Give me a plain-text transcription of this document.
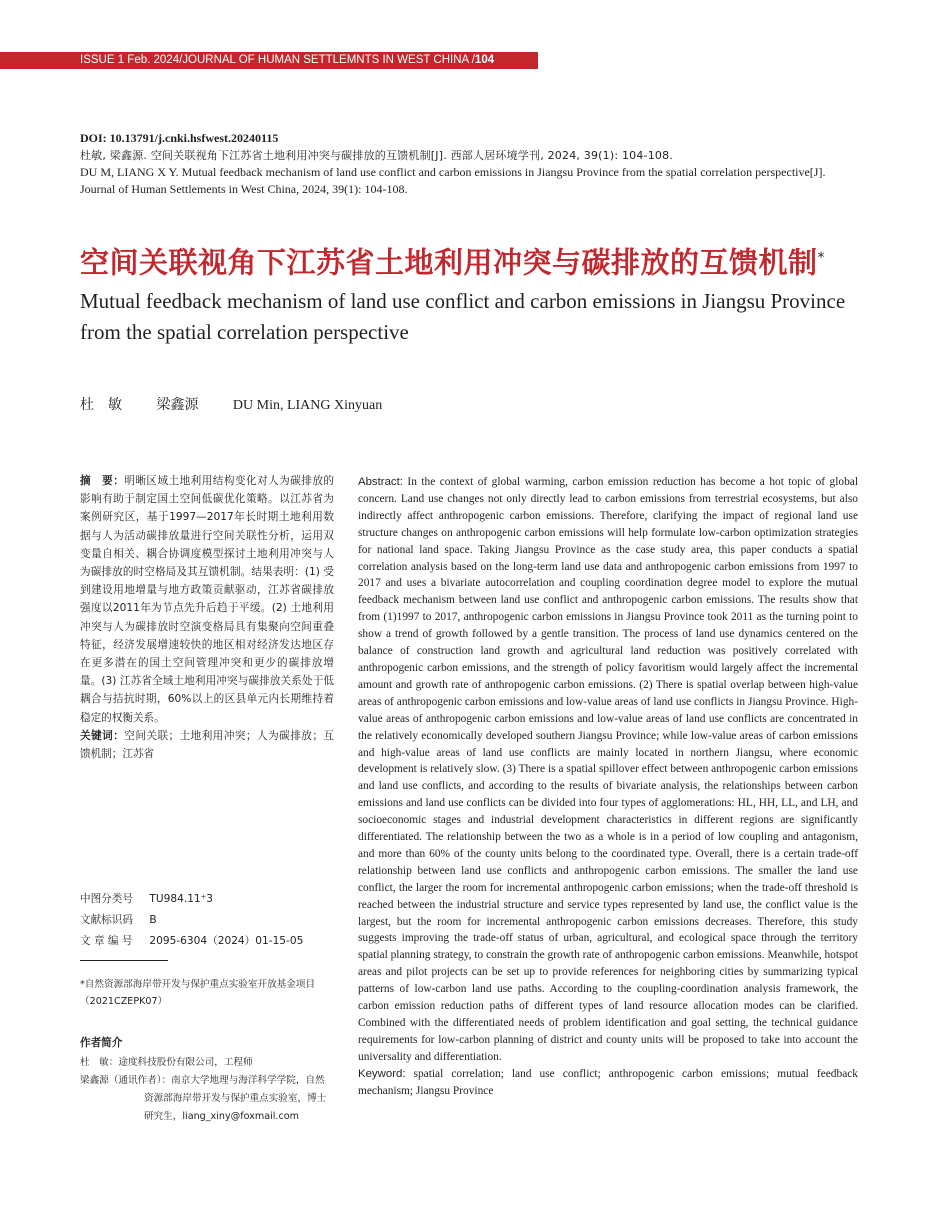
ISSUE 1 Feb. 2024/JOURNAL OF HUMAN SETTLEMNTS IN WEST CHINA /104
DOI: 10.13791/j.cnki.hsfwest.20240115
杜敏, 梁鑫源. 空间关联视角下江苏省土地利用冲突与碳排放的互馈机制[J]. 西部人居环境学刊, 2024, 39(1): 104-108.
DU M, LIANG X Y. Mutual feedback mechanism of land use conflict and carbon emissions in Jiangsu Province from the spatial correlation perspective[J]. Journal of Human Settlements in West China, 2024, 39(1): 104-108.
空间关联视角下江苏省土地利用冲突与碳排放的互馈机制*
Mutual feedback mechanism of land use conflict and carbon emissions in Jiangsu Province from the spatial correlation perspective
杜　敏 梁鑫源 DU Min, LIANG Xinyuan
摘　要：明晰区域土地利用结构变化对人为碳排放的影响有助于制定国土空间低碳优化策略。以江苏省为案例研究区，基于1997—2017年长时期土地利用数据与人为活动碳排放量进行空间关联性分析，运用双变量自相关、耦合协调度模型探讨土地利用冲突与人为碳排放的时空格局及其互馈机制。结果表明：(1) 受到建设用地增量与地方政策贡献驱动，江苏省碳排放强度以2011年为节点先升后趋于平缓。(2) 土地利用冲突与人为碳排放时空演变格局具有集聚向空间重叠特征，经济发展增速较快的地区相对经济发达地区存在更多潜在的国土空间管理冲突和更少的碳排放增量。(3) 江苏省全域土地利用冲突与碳排放关系处于低耦合与拮抗时期，60%以上的区县单元内长期维持着稳定的权衡关系。
关键词：空间关联；土地利用冲突；人为碳排放；互馈机制；江苏省
中图分类号 TU984.11⁺3
文献标识码 B
文 章 编 号 2095-6304（2024）01-15-05
*自然资源部海岸带开发与保护重点实验室开放基金项目（2021CZEPK07）
作者简介
杜　敏：途度科技股份有限公司，工程师
梁鑫源（通讯作者）：南京大学地理与海洋科学学院，自然资源部海岸带开发与保护重点实验室，博士研究生，liang_xiny@foxmail.com
Abstract: In the context of global warming, carbon emission reduction has become a hot topic of global concern. Land use changes not only directly lead to carbon emissions from terrestrial ecosystems, but also indirectly affect anthropogenic carbon emissions. Therefore, clarifying the impact of regional land use structure changes on anthropogenic carbon emissions will help formulate low-carbon optimization strategies for national land space. Taking Jiangsu Province as the case study area, this paper conducts a spatial correlation analysis based on the long-term land use data and anthropogenic carbon emissions from 1997 to 2017 and uses a bivariate autocorrelation and coupling coordination degree model to explore the mutual feedback mechanism between land use conflict and anthropogenic carbon emissions. The results show that from (1)1997 to 2017, anthropogenic carbon emissions in Jiangsu Province took 2011 as the turning point to show a trend of growth followed by a gentle transition. The process of land use dynamics centered on the balance of construction land growth and agricultural land reduction was positively correlated with anthropogenic carbon emissions, and the strength of policy favoritism would largely affect the incremental amount and growth rate of anthropogenic carbon emissions. (2) There is spatial overlap between high-value areas of anthropogenic carbon emissions and low-value areas of land use conflicts in Jiangsu Province. High-value areas of anthropogenic carbon emissions and low-value areas of land use conflicts are concentrated in the relatively economically developed southern Jiangsu Province; while low-value areas of carbon emissions and high-value areas of land use conflicts are mainly located in northern Jiangsu, where economic development is relatively slow. (3) There is a spatial spillover effect between anthropogenic carbon emissions and land use conflicts, and according to the results of bivariate analysis, the relationships between carbon emissions and land use conflicts can be divided into four types of agglomerations: HL, HH, LL, and LH, and socioeconomic stages and industrial development characteristics in different regions are significantly differentiated. The relationship between the two as a whole is in a period of low coupling and antagonism, and more than 60% of the county units belong to the coordinated type. Overall, there is a certain trade-off relationship between land use conflicts and anthropogenic carbon emissions. The smaller the land use conflict, the larger the room for incremental anthropogenic carbon emissions; when the trade-off threshold is reached between the industrial structure and service types represented by land use, the conflict value is the largest, but the room for incremental anthropogenic carbon emissions decreases. Therefore, this study suggests improving the trade-off status of urban, agricultural, and ecological space through the territory spatial planning strategy, to constrain the growth rate of anthropogenic carbon emissions. Meanwhile, hotspot areas and pilot projects can be set up to provide references for neighboring cities by summarizing typical patterns of low-carbon land use paths. According to the coupling-coordination analysis framework, the carbon emission reduction paths of different types of land resource allocation modes can be clarified. Combined with the differentiated needs of problem identification and goal setting, the technical guidance requirements for low-carbon planning of district and county units will be proposed to take into account the universality and differentiation.
Keyword: spatial correlation; land use conflict; anthropogenic carbon emissions; mutual feedback mechanism; Jiangsu Province
